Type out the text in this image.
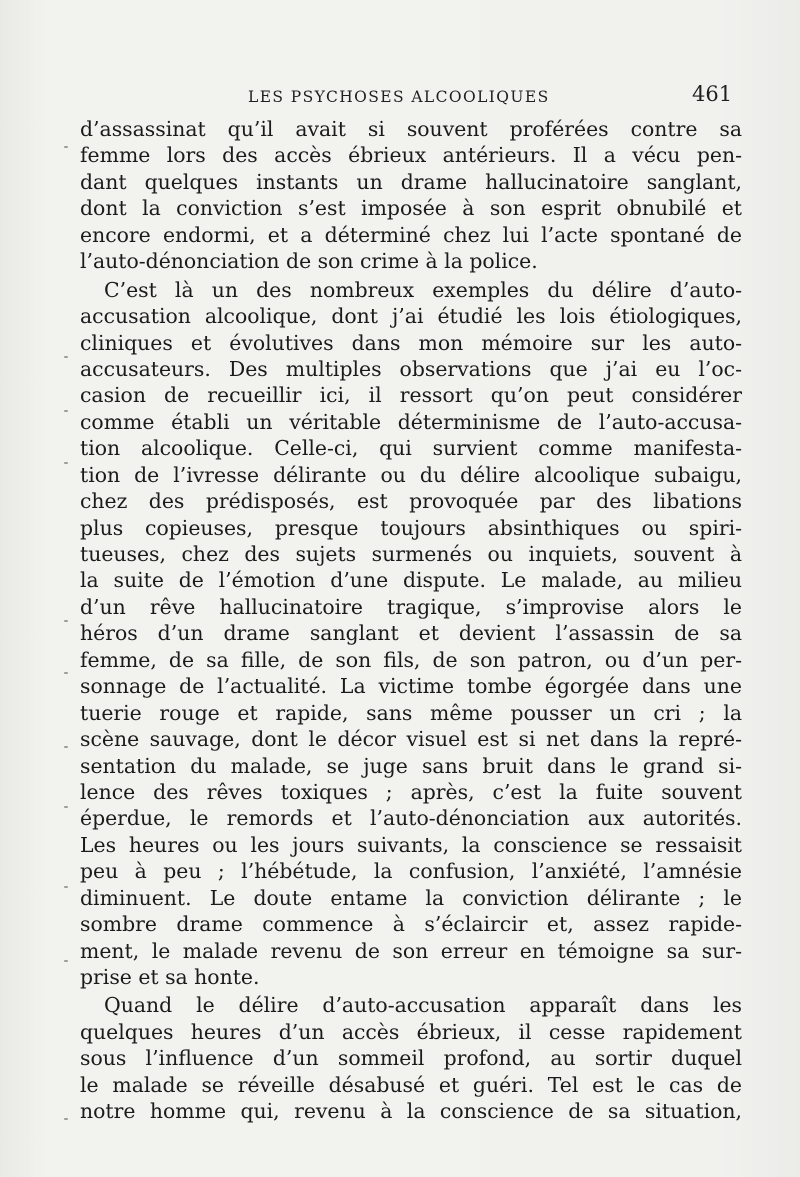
LES PSYCHOSES ALCOOLIQUES	461
d’assassinat qu’il avait si souvent proférées contre sa
femme lors des accès ébrieux antérieurs. Il a vécu pen-
dant quelques instants un drame hallucinatoire sanglant,
dont la conviction s’est imposée à son esprit obnubilé et
encore endormi, et a déterminé chez lui l’acte spontané de
l’auto-dénonciation de son crime à la police.
C’est là un des nombreux exemples du délire d’auto-
accusation alcoolique, dont j’ai étudié les lois étiologiques,
cliniques et évolutives dans mon mémoire sur les auto-
accusateurs. Des multiples observations que j’ai eu l’oc-
casion de recueillir ici, il ressort qu’on peut considérer
comme établi un véritable déterminisme de l’auto-accusa-
tion alcoolique. Celle-ci, qui survient comme manifesta-
tion de l’ivresse délirante ou du délire alcoolique subaigu,
chez des prédisposés, est provoquée par des libations
plus copieuses, presque toujours absinthiques ou spiri-
tueuses, chez des sujets surmenés ou inquiets, souvent à
la suite de l’émotion d’une dispute. Le malade, au milieu
d’un rêve hallucinatoire tragique, s’improvise alors le
héros d’un drame sanglant et devient l’assassin de sa
femme, de sa fille, de son fils, de son patron, ou d’un per-
sonnage de l’actualité. La victime tombe égorgée dans une
tuerie rouge et rapide, sans même pousser un cri ; la
scène sauvage, dont le décor visuel est si net dans la repré-
sentation du malade, se juge sans bruit dans le grand si-
lence des rêves toxiques ; après, c’est la fuite souvent
éperdue, le remords et l’auto-dénonciation aux autorités.
Les heures ou les jours suivants, la conscience se ressaisit
peu à peu ; l’hébétude, la confusion, l’anxiété, l’amnésie
diminuent. Le doute entame la conviction délirante ; le
sombre drame commence à s’éclaircir et, assez rapide-
ment, le malade revenu de son erreur en témoigne sa sur-
prise et sa honte.
Quand le délire d’auto-accusation apparaît dans les
quelques heures d’un accès ébrieux, il cesse rapidement
sous l’influence d’un sommeil profond, au sortir duquel
le malade se réveille désabusé et guéri. Tel est le cas de
notre homme qui, revenu à la conscience de sa situation,
